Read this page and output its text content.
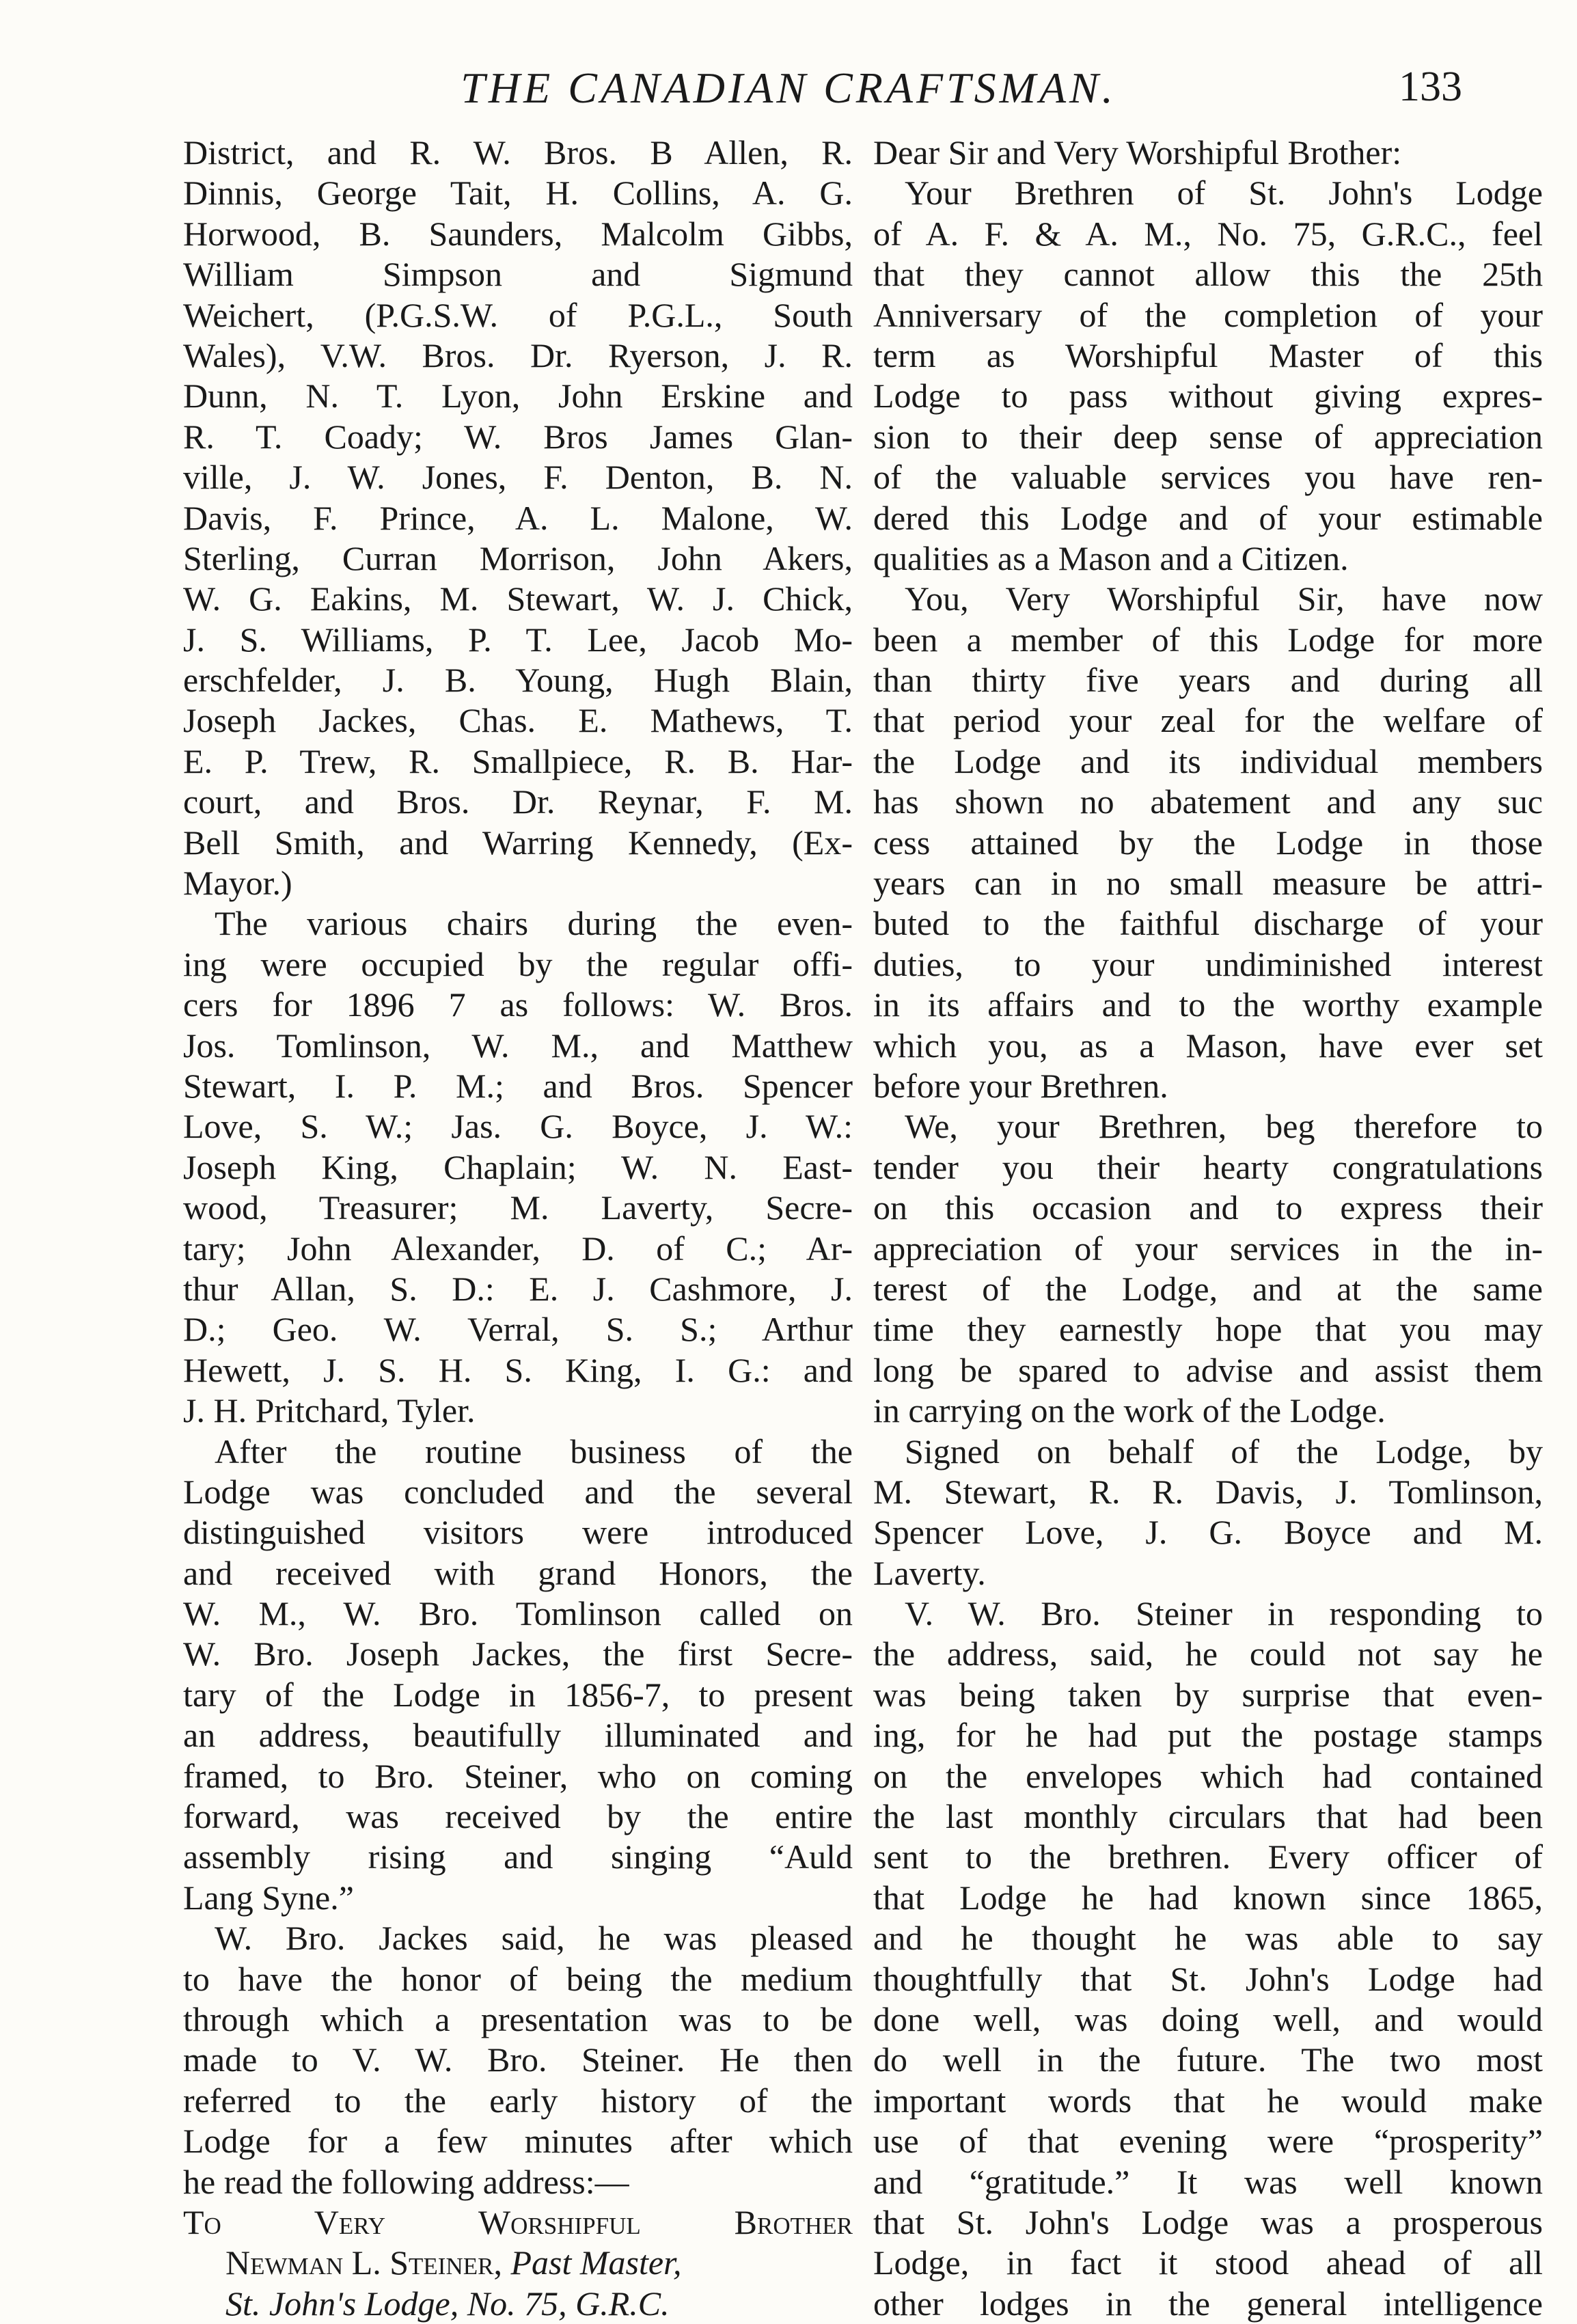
THE CANADIAN CRAFTSMAN.	133
District, and R. W. Bros. B Allen, R.
Dinnis, George Tait, H. Collins, A. G.
Horwood, B. Saunders, Malcolm Gibbs,
William Simpson and Sigmund
Weichert, (P.G.S.W. of P.G.L., South
Wales), V.W. Bros. Dr. Ryerson, J. R.
Dunn, N. T. Lyon, John Erskine and
R. T. Coady; W. Bros James Glan-
ville, J. W. Jones, F. Denton, B. N.
Davis, F. Prince, A. L. Malone, W.
Sterling, Curran Morrison, John Akers,
W. G. Eakins, M. Stewart, W. J. Chick,
J. S. Williams, P. T. Lee, Jacob Mo-
erschfelder, J. B. Young, Hugh Blain,
Joseph Jackes, Chas. E. Mathews, T.
E. P. Trew, R. Smallpiece, R. B. Har-
court, and Bros. Dr. Reynar, F. M.
Bell Smith, and Warring Kennedy, (Ex-
Mayor.)
The various chairs during the even-
ing were occupied by the regular offi-
cers for 1896 7 as follows: W. Bros.
Jos. Tomlinson, W. M., and Matthew
Stewart, I. P. M.; and Bros. Spencer
Love, S. W.; Jas. G. Boyce, J. W.:
Joseph King, Chaplain; W. N. East-
wood, Treasurer; M. Laverty, Secre-
tary; John Alexander, D. of C.; Ar-
thur Allan, S. D.: E. J. Cashmore, J.
D.; Geo. W. Verral, S. S.; Arthur
Hewett, J. S. H. S. King, I. G.: and
J. H. Pritchard, Tyler.
After the routine business of the
Lodge was concluded and the several
distinguished visitors were introduced
and received with grand Honors, the
W. M., W. Bro. Tomlinson called on
W. Bro. Joseph Jackes, the first Secre-
tary of the Lodge in 1856-7, to present
an address, beautifully illuminated and
framed, to Bro. Steiner, who on coming
forward, was received by the entire
assembly rising and singing “Auld
Lang Syne.”
W. Bro. Jackes said, he was pleased
to have the honor of being the medium
through which a presentation was to be
made to V. W. Bro. Steiner. He then
referred to the early history of the
Lodge for a few minutes after which
he read the following address:—
To Very Worshipful Brother
Newman L. Steiner, Past Master,
St. John's Lodge, No. 75, G.R.C.
Dear Sir and Very Worshipful Brother:
Your Brethren of St. John's Lodge
of A. F. & A. M., No. 75, G.R.C., feel
that they cannot allow this the 25th
Anniversary of the completion of your
term as Worshipful Master of this
Lodge to pass without giving expres-
sion to their deep sense of appreciation
of the valuable services you have ren-
dered this Lodge and of your estimable
qualities as a Mason and a Citizen.
You, Very Worshipful Sir, have now
been a member of this Lodge for more
than thirty five years and during all
that period your zeal for the welfare of
the Lodge and its individual members
has shown no abatement and any suc
cess attained by the Lodge in those
years can in no small measure be attri-
buted to the faithful discharge of your
duties, to your undiminished interest
in its affairs and to the worthy example
which you, as a Mason, have ever set
before your Brethren.
We, your Brethren, beg therefore to
tender you their hearty congratulations
on this occasion and to express their
appreciation of your services in the in-
terest of the Lodge, and at the same
time they earnestly hope that you may
long be spared to advise and assist them
in carrying on the work of the Lodge.
Signed on behalf of the Lodge, by
M. Stewart, R. R. Davis, J. Tomlinson,
Spencer Love, J. G. Boyce and M.
Laverty.
V. W. Bro. Steiner in responding to
the address, said, he could not say he
was being taken by surprise that even-
ing, for he had put the postage stamps
on the envelopes which had contained
the last monthly circulars that had been
sent to the brethren. Every officer of
that Lodge he had known since 1865,
and he thought he was able to say
thoughtfully that St. John's Lodge had
done well, was doing well, and would
do well in the future. The two most
important words that he would make
use of that evening were “prosperity”
and “gratitude.” It was well known
that St. John's Lodge was a prosperous
Lodge, in fact it stood ahead of all
other lodges in the general intelligence
